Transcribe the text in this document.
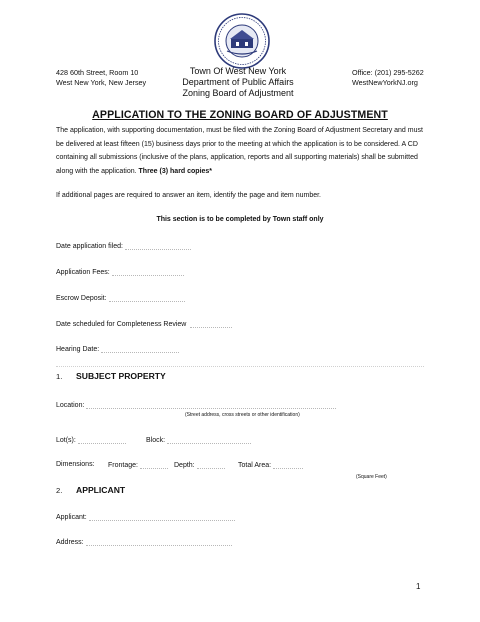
428 60th Street, Room 10
West New York, New Jersey
Town Of West New York
Department of Public Affairs
Zoning Board of Adjustment
Office: (201) 295-5262
WestNewYorkNJ.org
APPLICATION TO THE ZONING BOARD OF ADJUSTMENT
The application, with supporting documentation, must be filed with the Zoning Board of Adjustment Secretary and must be delivered at least fifteen (15) business days prior to the meeting at which the application is to be considered. A CD containing all submissions (inclusive of the plans, application, reports and all supporting materials) shall be submitted along with the application. Three (3) hard copies*
If additional pages are required to answer an item, identify the page and item number.
This section is to be completed by Town staff only
Date application filed:
Application Fees:
Escrow Deposit:
Date scheduled for Completeness Review
Hearing Date:
1. SUBJECT PROPERTY
Location:
(Street address, cross streets or other identification)
Lot(s):	Block:
Dimensions: Frontage:	Depth:	Total Area:
(Square Feet)
2. APPLICANT
Applicant:
Address:
1
